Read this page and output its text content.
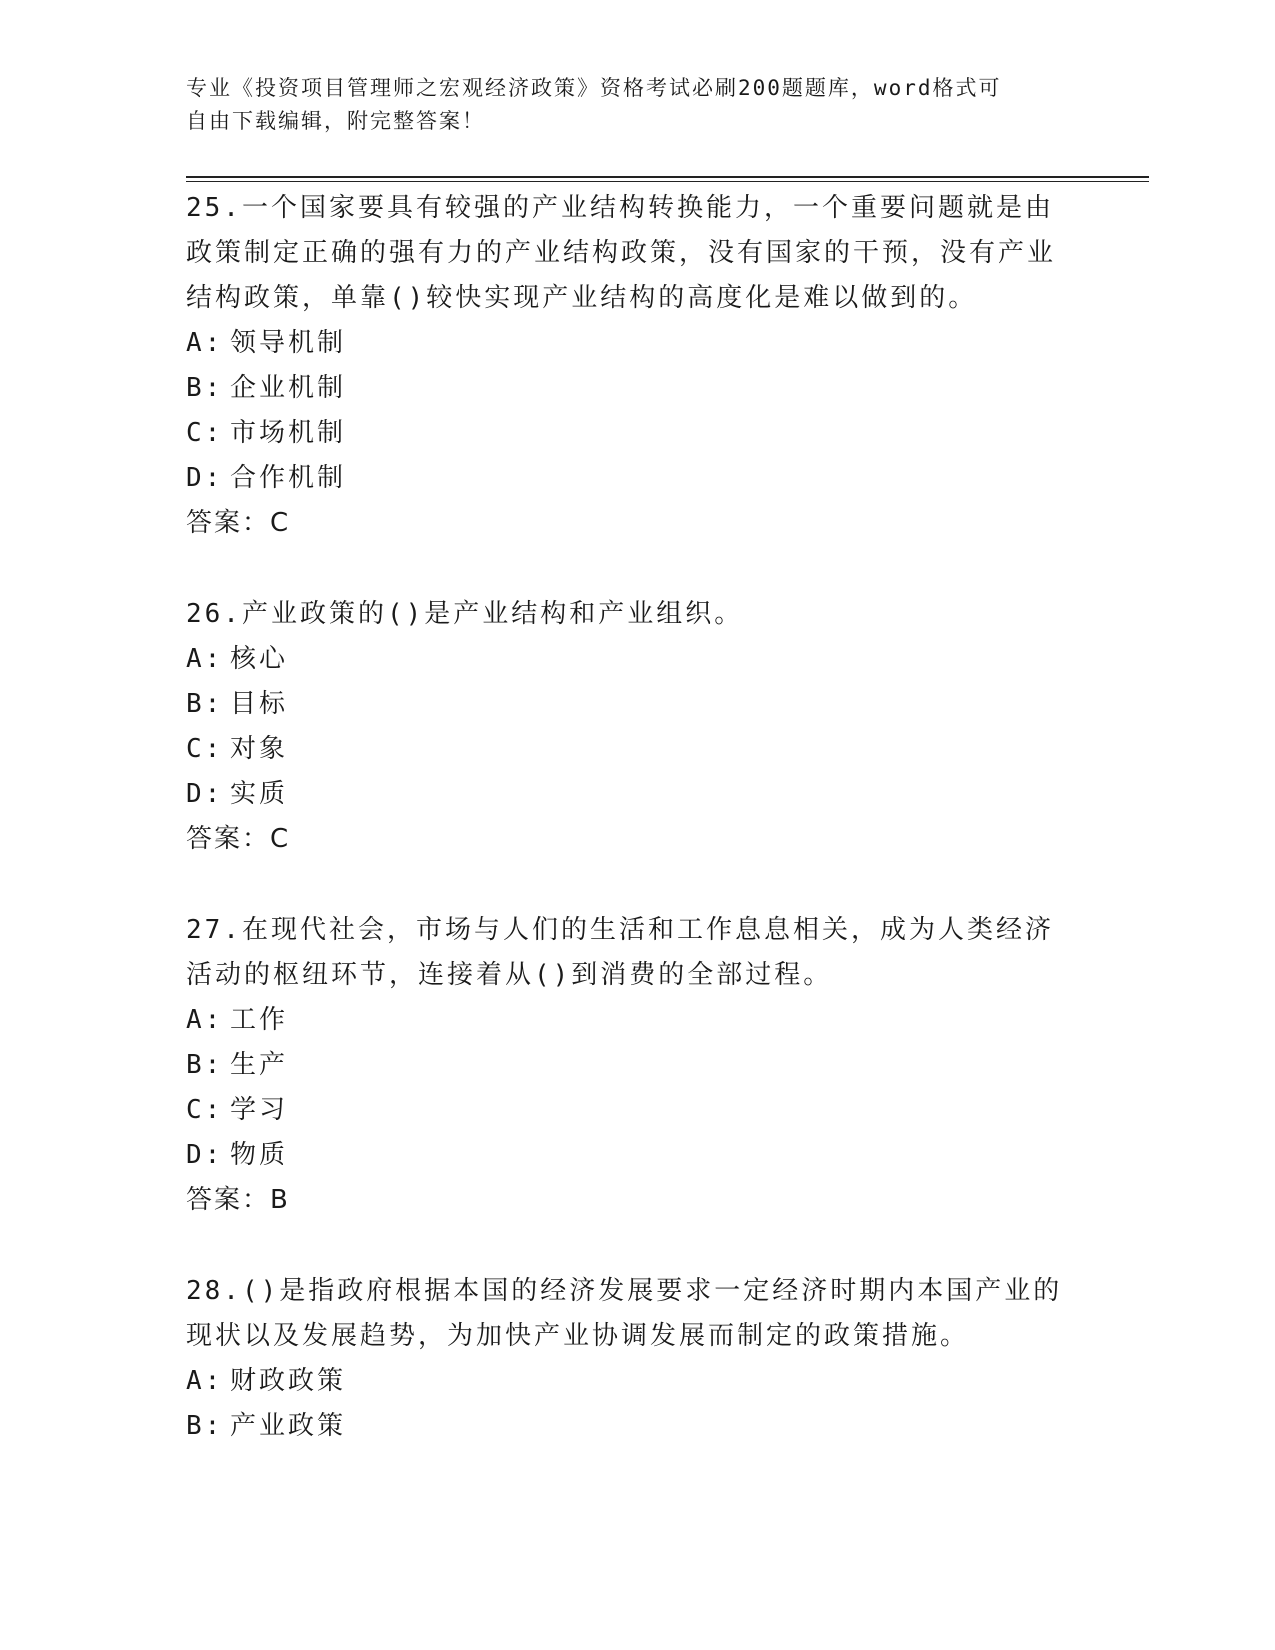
专业《投资项目管理师之宏观经济政策》资格考试必刷200题题库，word格式可
自由下载编辑，附完整答案！

25.一个国家要具有较强的产业结构转换能力，一个重要问题就是由政策制定正确的强有力的产业结构政策，没有国家的干预，没有产业结构政策，单靠()较快实现产业结构的高度化是难以做到的。

A: 领导机制

B: 企业机制

C: 市场机制

D: 合作机制

答案：C

26.产业政策的()是产业结构和产业组织。

A: 核心

B: 目标

C: 对象

D: 实质

答案：C

27.在现代社会，市场与人们的生活和工作息息相关，成为人类经济活动的枢纽环节，连接着从()到消费的全部过程。

A: 工作

B: 生产

C: 学习

D: 物质

答案：B

28.()是指政府根据本国的经济发展要求一定经济时期内本国产业的现状以及发展趋势，为加快产业协调发展而制定的政策措施。

A: 财政政策

B: 产业政策
